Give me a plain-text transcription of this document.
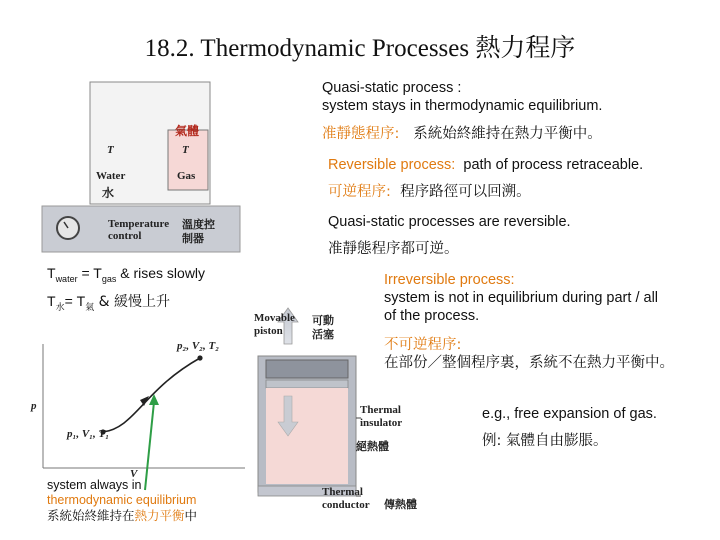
18.2. Thermodynamic Processes 熱力程序
氣體
T	T
Water	Gas
水
Temperature
control
溫度控
制器
$T_{water} = T_{gas}$ & rises slowly
$T_水= T_氣$ & 緩慢上升
p₂, V₂, T₂
p₁, V₁, T₁
p
V
system always in
thermodynamic equilibrium
系統始終維持在熱力平衡中
Movable
piston
可動
活塞
Thermal
insulator
絕熱體
Thermal
conductor 傳熱體
Quasi-static process :
system stays in thermodynamic equilibrium.
准靜態程序: 系統始終維持在熱力平衡中。
Reversible process: path of process retraceable.
可逆程序: 程序路徑可以回溯。
Quasi-static processes are reversible.
准靜態程序都可逆。
Irreversible process:
system is not in equilibrium during part / all
of the process.
不可逆程序:
在部份／整個程序裏，系統不在熱力平衡中。
e.g., free expansion of gas.
例: 氣體自由膨脹。
